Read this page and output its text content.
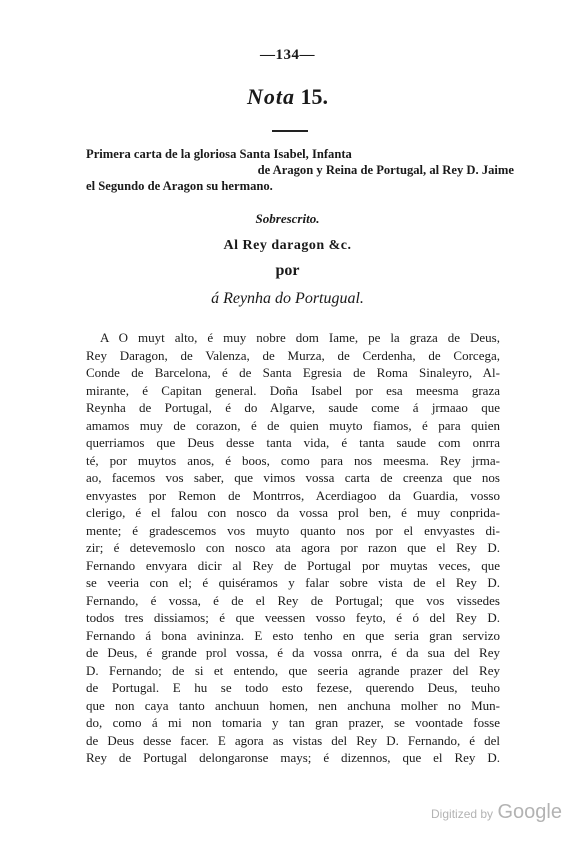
—134—
Nota 15.
Primera carta de la gloriosa Santa Isabel, Infanta
de Aragon y Reina de Portugal, al Rey D. Jaime
el Segundo de Aragon su hermano.
Sobrescrito.
Al Rey daragon &c.
por
á Reynha do Portugual.
A O muyt alto, é muy nobre dom Iame, pe la graza de Deus,
Rey Daragon, de Valenza, de Murza, de Cerdenha, de Corcega,
Conde de Barcelona, é de Santa Egresia de Roma Sinaleyro, Al-
mirante, é Capitan general. Doña Isabel por esa meesma graza
Reynha de Portugal, é do Algarve, saude come á jrmaao que
amamos muy de corazon, é de quien muyto fiamos, é para quien
querriamos que Deus desse tanta vida, é tanta saude com onrra
té, por muytos anos, é boos, como para nos meesma. Rey jrma-
ao, facemos vos saber, que vimos vossa carta de creenza que nos
envyastes por Remon de Montrros, Acerdiagoo da Guardia, vosso
clerigo, é el falou con nosco da vossa prol ben, é muy conprida-
mente; é gradescemos vos muyto quanto nos por el envyastes di-
zir; é detevemoslo con nosco ata agora por razon que el Rey D.
Fernando envyara dicir al Rey de Portugal por muytas veces, que
se veeria con el; é quiséramos y falar sobre vista de el Rey D.
Fernando, é vossa, é de el Rey de Portugal; que vos vissedes
todos tres dissiamos; é que veessen vosso feyto, é ó del Rey D.
Fernando á bona avininza. E esto tenho en que seria gran servizo
de Deus, é grande prol vossa, é da vossa onrra, é da sua del Rey
D. Fernando; de si et entendo, que seeria agrande prazer del Rey
de Portugal. E hu se todo esto fezese, querendo Deus, teuho
que non caya tanto anchuun homen, nen anchuna molher no Mun-
do, como á mi non tomaria y tan gran prazer, se voontade fosse
de Deus desse facer. E agora as vistas del Rey D. Fernando, é del
Rey de Portugal delongaronse mays; é dizennos, que el Rey D.
Digitized by Google
